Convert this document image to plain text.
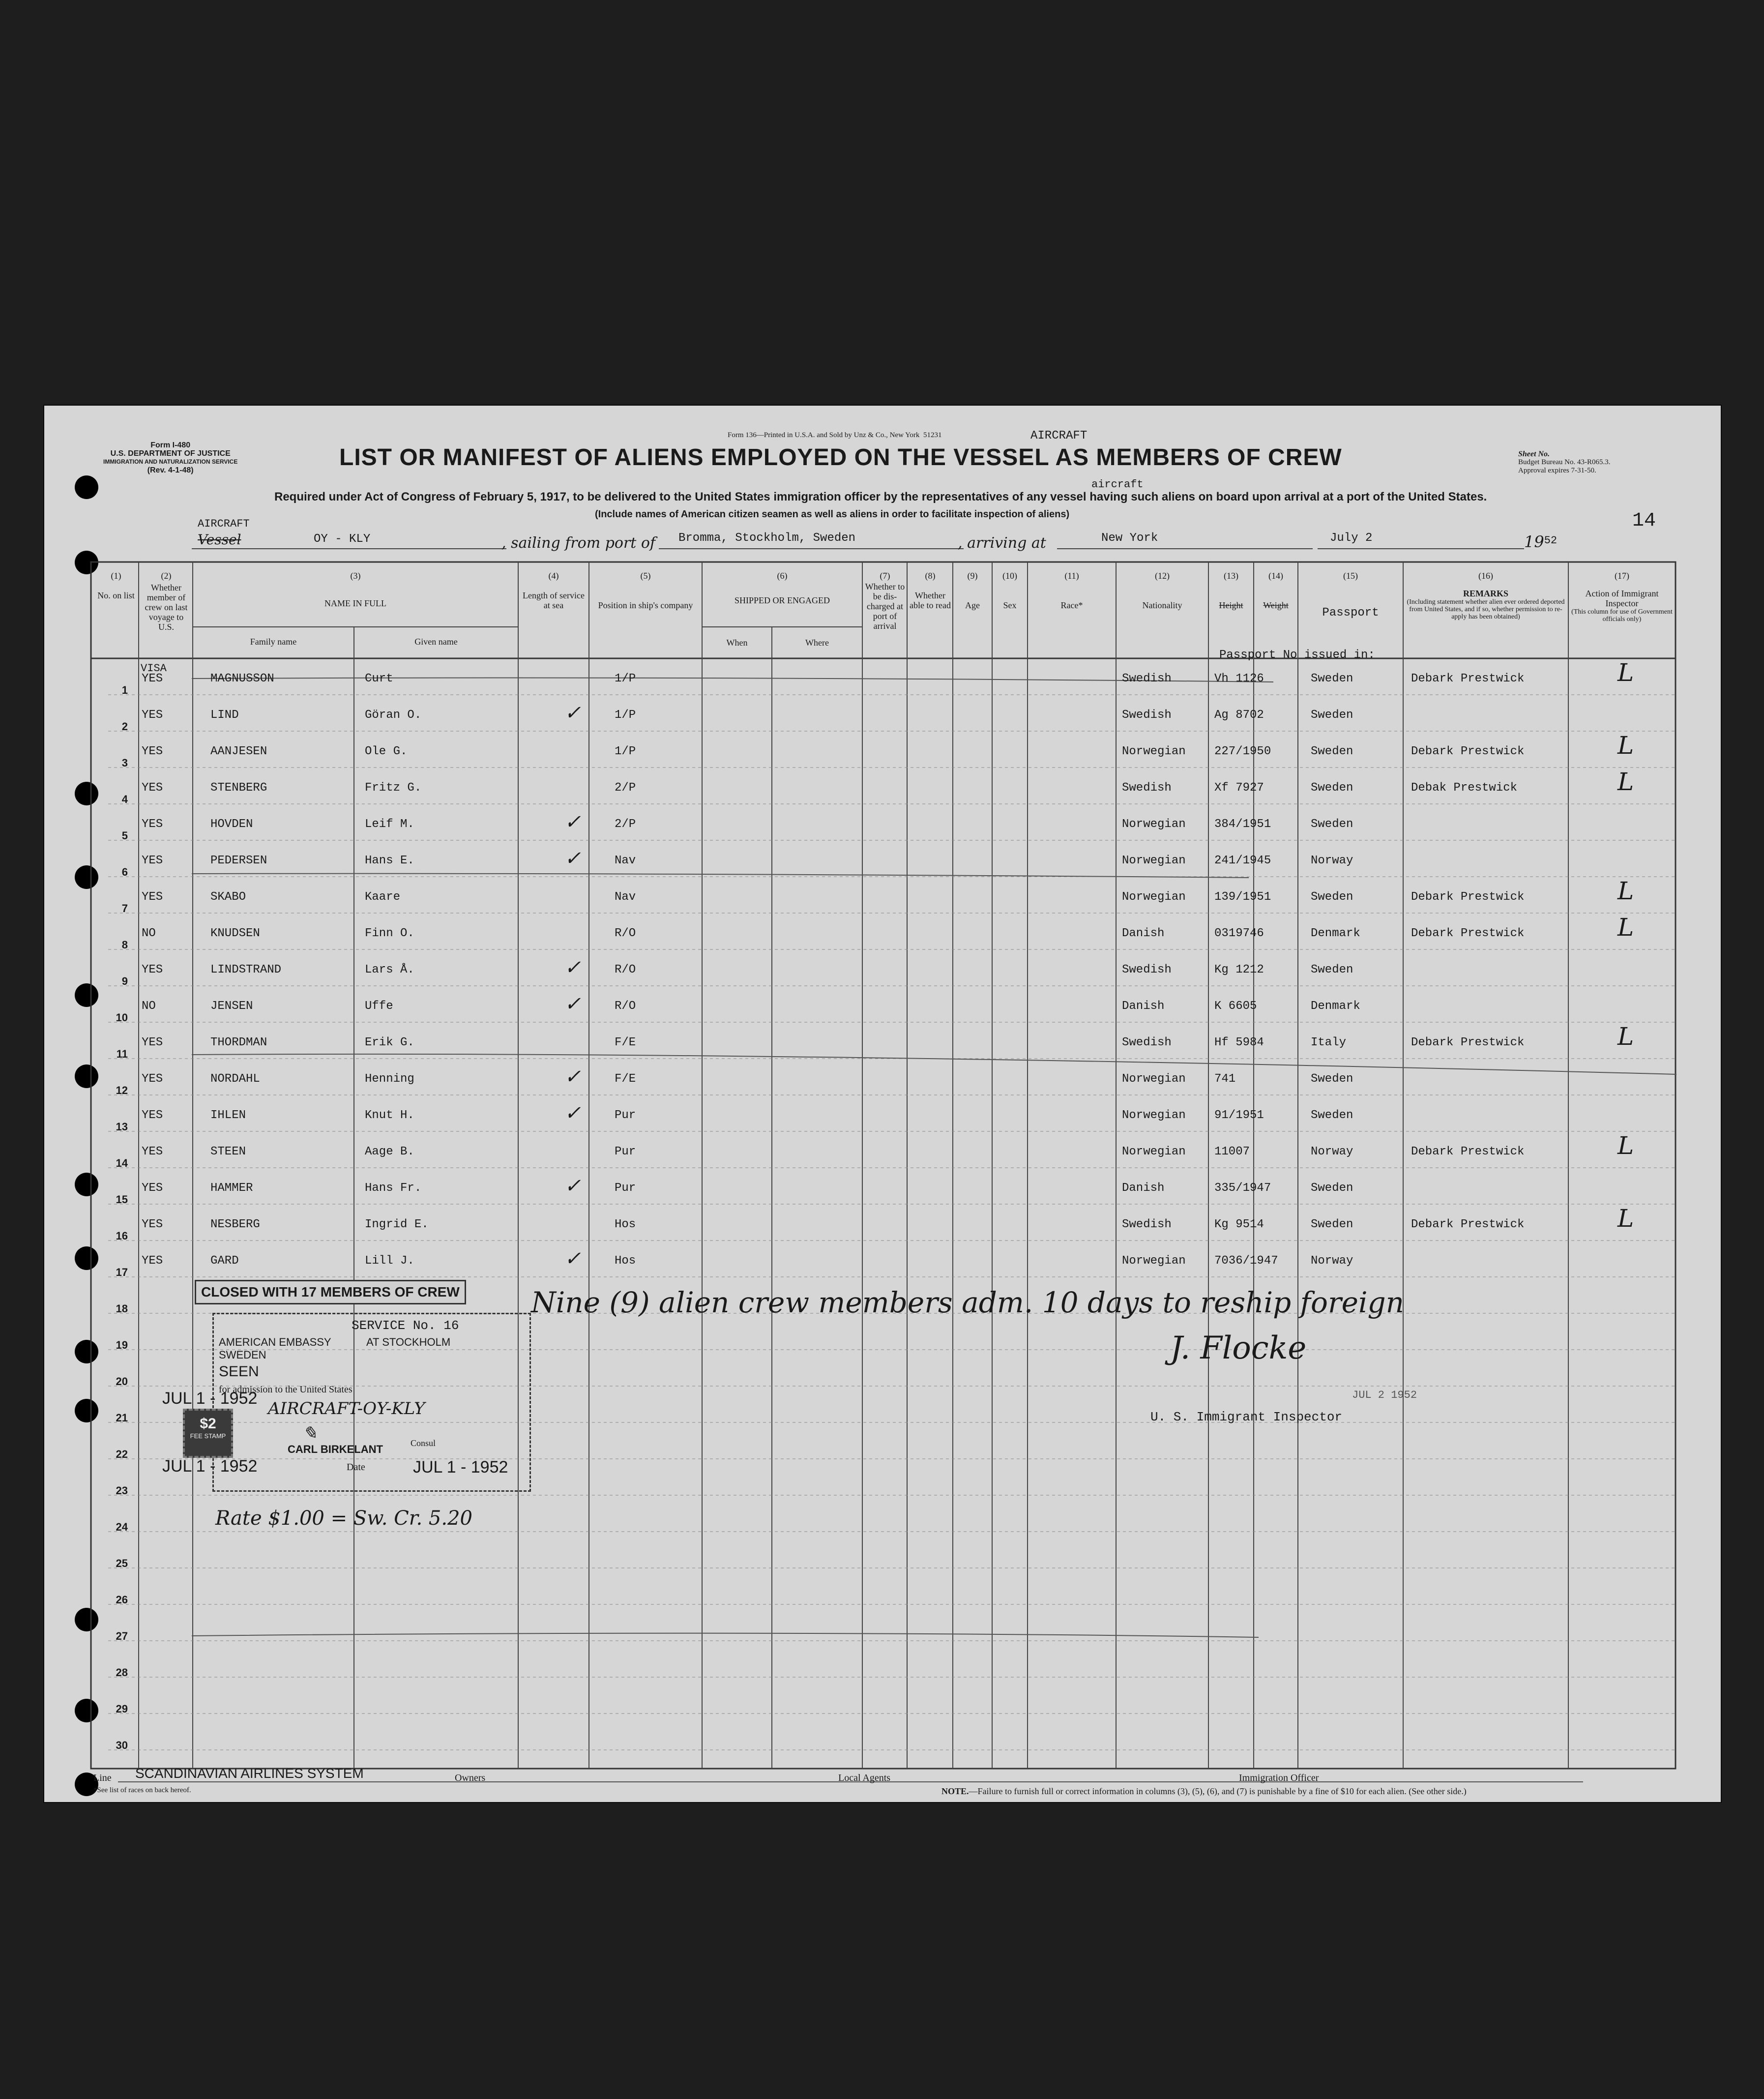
Form I-480
U.S. DEPARTMENT OF JUSTICE
IMMIGRATION AND NATURALIZATION SERVICE
(Rev. 4-1-48)
Form 136—Printed in U.S.A. and Sold by Unz & Co., New York 51231	AIRCRAFT
LIST OR MANIFEST OF ALIENS EMPLOYED ON THE VESSEL AS MEMBERS OF CREW
aircraft
Required under Act of Congress of February 5, 1917, to be delivered to the United States immigration officer by the representatives of any vessel having such aliens on board upon arrival at a port of the United States.
(Include names of American citizen seamen as well as aliens in order to facilitate inspection of aliens)
Sheet No.
Budget Bureau No. 43-R065.3.
Approval expires 7-31-50.
14
AIRCRAFT
Vessel	OY - KLY	, sailing from port of Bromma, Stockholm, Sweden	, arriving at	New York	July 2	$19^{52}$
(1)
No. on list
(2)
Whether member of crew on last voyage to U.S.
(3)
NAME IN FULL
Family name	Given name
(4)
Length of service at sea
(5)
Position in ship's company
(6)
SHIPPED OR ENGAGED
When	Where
(7)
Whether to be dis-charged at port of arrival
(8)
Whether able to read
(9)
Age
(10)
Sex
(11)
Race*
(12)
Nationality
(13)
Height
(14)
Weight
(15)
Passport
(16)
REMARKS
(Including statement whether alien ever ordered deported from United States, and if so, whether permission to re-apply has been obtained)
(17)
Action of Immigrant Inspector
(This column for use of Government officials only)
Passport No issued in:
VISA
1
YES	MAGNUSSON	Curt	1/P	Swedish	Vh 1126	Sweden	Debark Prestwick	L
2
YES	LIND	Göran O.	✓	1/P	Swedish	Ag 8702	Sweden
3
YES	AANJESEN	Ole G.	1/P	Norwegian 227/1950	Sweden	Debark Prestwick	L
4
YES	STENBERG	Fritz G.	2/P	Swedish	Xf 7927	Sweden	Debak Prestwick	L
5
YES	HOVDEN	Leif M.	✓	2/P	Norwegian 384/1951	Sweden
6
YES	PEDERSEN	Hans E.	✓	Nav	Norwegian 241/1945	Norway
7
YES	SKABO	Kaare	Nav	Norwegian 139/1951	Sweden	Debark Prestwick	L
8
NO	KNUDSEN	Finn O.	R/O	Danish	0319746	Denmark	Debark Prestwick	L
9
YES	LINDSTRAND	Lars Å.	✓	R/O	Swedish	Kg 1212	Sweden
10
NO	JENSEN	Uffe	✓	R/O	Danish	K 6605	Denmark
11
YES	THORDMAN	Erik G.	F/E	Swedish	Hf 5984	Italy	Debark Prestwick	L
12
YES	NORDAHL	Henning	✓	F/E	Norwegian 741	Sweden
13
YES	IHLEN	Knut H.	✓	Pur	Norwegian 91/1951	Sweden
14
YES	STEEN	Aage B.	Pur	Norwegian 11007	Norway	Debark Prestwick	L
15
YES	HAMMER	Hans Fr.	✓	Pur	Danish	335/1947	Sweden
16
YES	NESBERG	Ingrid E.	Hos	Swedish	Kg 9514	Sweden	Debark Prestwick	L
17
YES	GARD	Lill J.	✓	Hos	Norwegian 7036/1947	Norway
18
19
20
21
22
23
24
25
26
27
28
29
30
CLOSED WITH 17 MEMBERS OF CREW	Nine (9) alien crew members adm. 10 days to reship foreign
J. Flocke
JUL 2 1952
U. S. Immigrant Inspector
SERVICE No. 16
AMERICAN EMBASSY	AT STOCKHOLM
SWEDEN
SEEN
for admission to the United States
AIRCRAFT-OY-KLY
✎
CARL BIRKELANT	Consul
Date	JUL 1 - 1952
JUL 1 - 1952
$2
FEE STAMP
JUL 1 - 1952
Rate $1.00 = Sw. Cr. 5.20
Line SCANDINAVIAN AIRLINES SYSTEM	Owners	Local Agents	Immigration Officer
*See list of races on back hereof.	NOTE.—Failure to furnish full or correct information in columns (3), (5), (6), and (7) is punishable by a fine of $10 for each alien. (See other side.)
